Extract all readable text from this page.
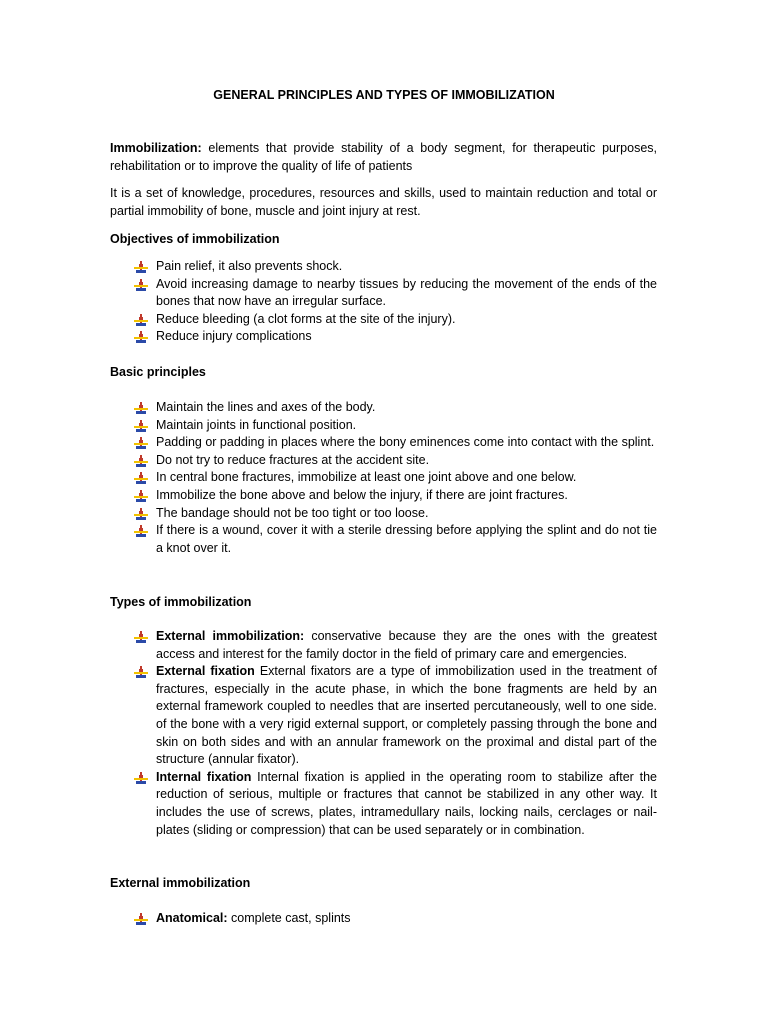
GENERAL PRINCIPLES AND TYPES OF IMMOBILIZATION
Immobilization: elements that provide stability of a body segment, for therapeutic purposes, rehabilitation or to improve the quality of life of patients
It is a set of knowledge, procedures, resources and skills, used to maintain reduction and total or partial immobility of bone, muscle and joint injury at rest.
Objectives of immobilization
Pain relief, it also prevents shock.
Avoid increasing damage to nearby tissues by reducing the movement of the ends of the bones that now have an irregular surface.
Reduce bleeding (a clot forms at the site of the injury).
Reduce injury complications
Basic principles
Maintain the lines and axes of the body.
Maintain joints in functional position.
Padding or padding in places where the bony eminences come into contact with the splint.
Do not try to reduce fractures at the accident site.
In central bone fractures, immobilize at least one joint above and one below.
Immobilize the bone above and below the injury, if there are joint fractures.
The bandage should not be too tight or too loose.
If there is a wound, cover it with a sterile dressing before applying the splint and do not tie a knot over it.
Types of immobilization
External immobilization: conservative because they are the ones with the greatest access and interest for the family doctor in the field of primary care and emergencies.
External fixation External fixators are a type of immobilization used in the treatment of fractures, especially in the acute phase, in which the bone fragments are held by an external framework coupled to needles that are inserted percutaneously, well to one side. of the bone with a very rigid external support, or completely passing through the bone and skin on both sides and with an annular framework on the proximal and distal part of the structure (annular fixator).
Internal fixation Internal fixation is applied in the operating room to stabilize after the reduction of serious, multiple or fractures that cannot be stabilized in any other way. It includes the use of screws, plates, intramedullary nails, locking nails, cerclages or nail-plates (sliding or compression) that can be used separately or in combination.
External immobilization
Anatomical: complete cast, splints
